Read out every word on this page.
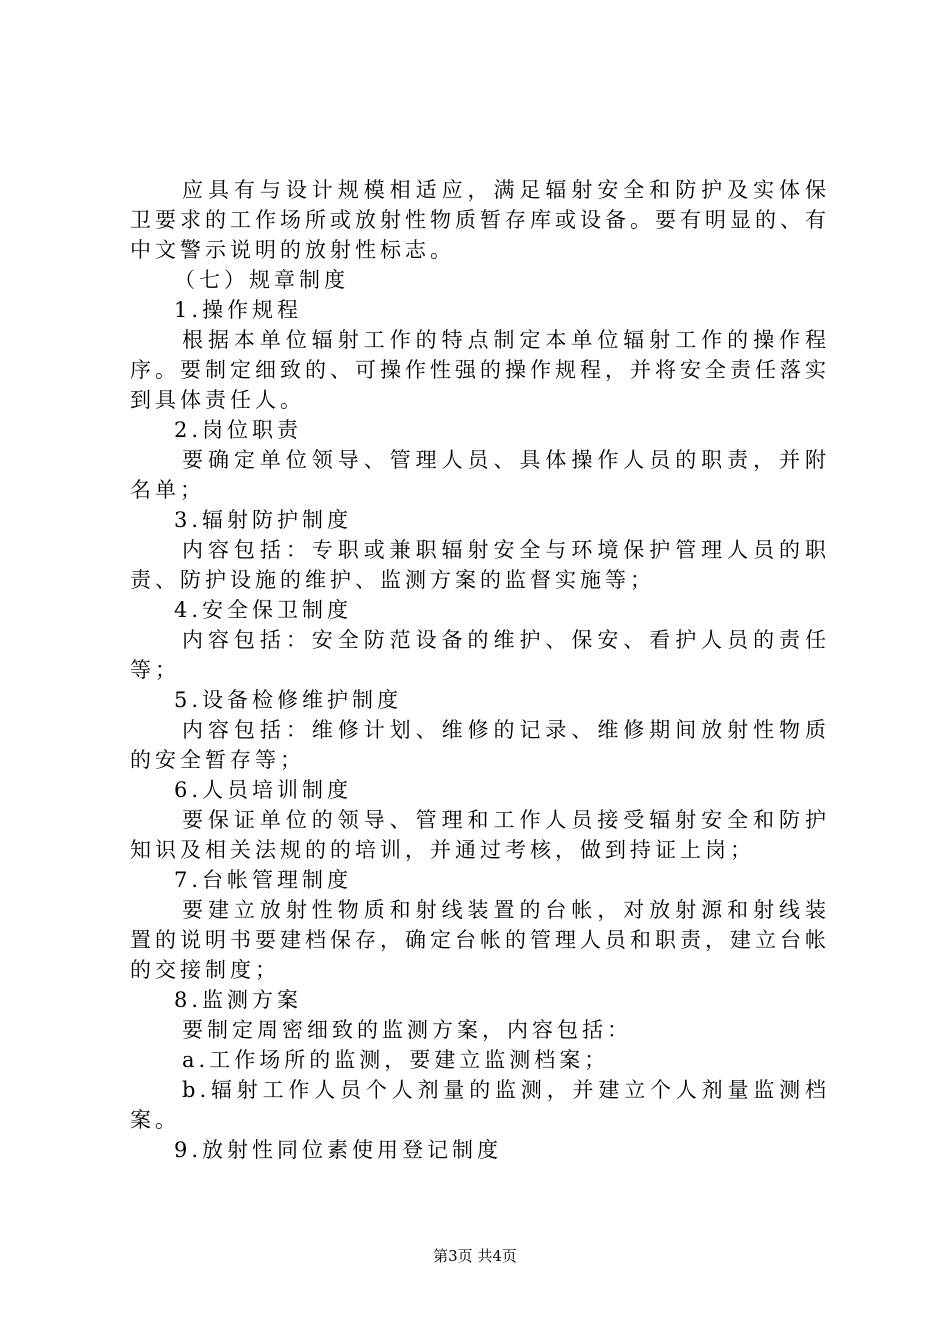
应具有与设计规模相适应，满足辐射安全和防护及实体保卫要求的工作场所或放射性物质暂存库或设备。要有明显的、有中文警示说明的放射性标志。

（七）规章制度

1.操作规程

根据本单位辐射工作的特点制定本单位辐射工作的操作程序。要制定细致的、可操作性强的操作规程，并将安全责任落实到具体责任人。

2.岗位职责

要确定单位领导、管理人员、具体操作人员的职责，并附名单；

3.辐射防护制度

内容包括：专职或兼职辐射安全与环境保护管理人员的职责、防护设施的维护、监测方案的监督实施等；

4.安全保卫制度

内容包括：安全防范设备的维护、保安、看护人员的责任等；

5.设备检修维护制度

内容包括：维修计划、维修的记录、维修期间放射性物质的安全暂存等；

6.人员培训制度

要保证单位的领导、管理和工作人员接受辐射安全和防护知识及相关法规的的培训，并通过考核，做到持证上岗；

7.台帐管理制度

要建立放射性物质和射线装置的台帐，对放射源和射线装置的说明书要建档保存，确定台帐的管理人员和职责，建立台帐的交接制度；

8.监测方案

要制定周密细致的监测方案，内容包括：

a.工作场所的监测，要建立监测档案；

b.辐射工作人员个人剂量的监测，并建立个人剂量监测档案。

9.放射性同位素使用登记制度

第3页 共4页
